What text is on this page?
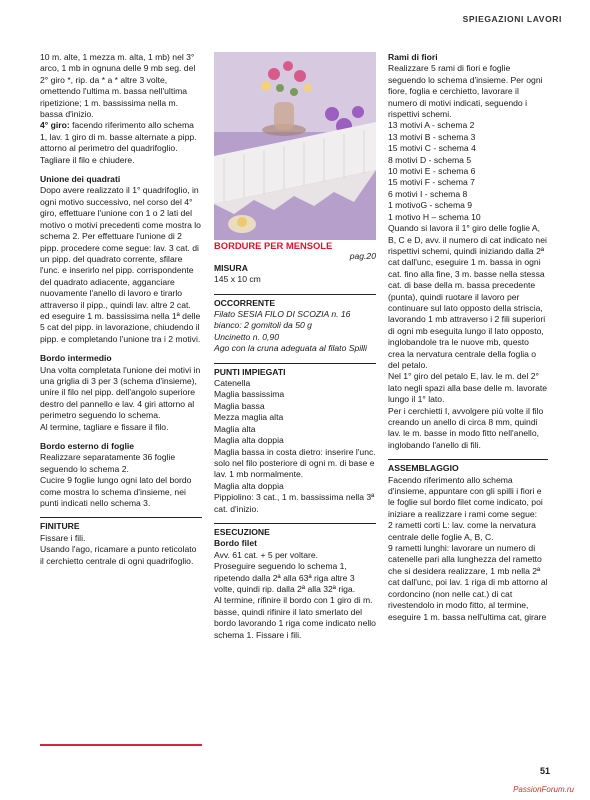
SPIEGAZIONI LAVORI

10 m. alte, 1 mezza m. alta, 1 mb) nel 3° arco, 1 mb in ognuna delle 9 mb seg. del 2° giro *, rip. da * a * altre 3 volte, omettendo l'ultima m. bassa nell'ultima ripetizione; 1 m. bassissima nella m. bassa d'inizio.

4° giro: facendo riferimento allo schema 1, lav. 1 giro di m. basse alternate a pipp. attorno al perimetro del quadrifoglio. Tagliare il filo e chiudere.

Unione dei quadrati

Dopo avere realizzato il 1° quadrifoglio, in ogni motivo successivo, nel corso del 4° giro, effettuare l'unione con 1 o 2 lati del motivo o motivi precedenti come mostra lo schema 2. Per effettuare l'unione di 2 pipp. procedere come segue: lav. 3 cat. di un pipp. del quadrato corrente, sfilare l'unc. e inserirlo nel pipp. corrispondente del quadrato adiacente, agganciare nuovamente l'anello di lavoro e tirarlo attraverso il pipp., quindi lav. altre 2 cat. ed eseguire 1 m. bassissima nella 1ª delle 5 cat del pipp. in lavorazione, chiudendo il pipp. e completando l'unione tra i 2 motivi.

Bordo intermedio

Una volta completata l'unione dei motivi in una griglia di 3 per 3 (schema d'insieme), unire il filo nel pipp. dell'angolo superiore destro del pannello e lav. 4 giri attorno al perimetro seguendo lo schema.

Al termine, tagliare e fissare il filo.

Bordo esterno di foglie

Realizzare separatamente 36 foglie seguendo lo schema 2.

Cucire 9 foglie lungo ogni lato del bordo come mostra lo schema d'insieme, nei punti indicati nello schema 3.

FINITURE

Fissare i fili.

Usando l'ago, ricamare a punto reticolato il cerchietto centrale di ogni quadrifoglio.

BORDURE PER MENSOLE

pag.20

MISURA

145 x 10 cm

OCCORRENTE

Filato SESIA FILO DI SCOZIA n. 16 bianco: 2 gomitoli da 50 g

Uncinetto n. 0,90

Ago con la cruna adeguata al filato Spilli

PUNTI IMPIEGATI

Catenella

Maglia bassissima

Maglia bassa

Mezza maglia alta

Maglia alta

Maglia alta doppia

Maglia bassa in costa dietro: inserire l'unc. solo nel filo posteriore di ogni m. di base e lav. 1 mb normalmente.

Maglia alta doppia

Pippiolino: 3 cat., 1 m. bassissima nella 3ª cat. d'inizio.

ESECUZIONE

Bordo filet

Avv. 61 cat. + 5 per voltare.

Proseguire seguendo lo schema 1, ripetendo dalla 2ª alla 63ª riga altre 3 volte, quindi rip. dalla 2ª alla 32ª riga.

Al termine, rifinire il bordo con 1 giro di m. basse, quindi rifinire il lato smerlato del bordo lavorando 1 riga come indicato nello schema 1. Fissare i fili.

Rami di fiori

Realizzare 5 rami di fiori e foglie seguendo lo schema d'insieme. Per ogni fiore, foglia e cerchietto, lavorare il numero di motivi indicati, seguendo i rispettivi schemi.

13 motivi A - schema 2

13 motivi B - schema 3

15 motivi C - schema 4

8 motivi D - schema 5

10 motivi E - schema 6

15 motivi F - schema 7

6 motivi I - schema 8

1 motivoG - schema 9

1 motivo H – schema 10

Quando si lavora il 1° giro delle foglie A, B, C e D, avv. il numero di cat indicato nei rispettivi schemi, quindi iniziando dalla 2ª cat dall'unc, eseguire 1 m. bassa in ogni cat. fino alla fine, 3 m. basse nella stessa cat. di base della m. bassa precedente (punta), quindi ruotare il lavoro per continuare sul lato opposto della striscia, lavorando 1 mb attraverso i 2 fili superiori di ogni mb eseguita lungo il lato opposto, inglobandole tra le nuove mb, questo crea la nervatura centrale della foglia o del petalo.

Nel 1° giro del petalo E, lav. le m. del 2° lato negli spazi alla base delle m. lavorate lungo il 1° lato.

Per i cerchietti I, avvolgere più volte il filo creando un anello di circa 8 mm, quindi lav. le m. basse in modo fitto nell'anello, inglobando l'anello di fili.

ASSEMBLAGGIO

Facendo riferimento allo schema d'insieme, appuntare con gli spilli i fiori e le foglie sul bordo filet come indicato, poi iniziare a realizzare i rami come segue:

2 rametti corti L: lav. come la nervatura centrale delle foglie A, B, C.

9 rametti lunghi: lavorare un numero di catenelle pari alla lunghezza del rametto che si desidera realizzare, 1 mb nella 2ª cat dall'unc, poi lav. 1 riga di mb attorno al cordoncino (non nelle cat.) di cat rivestendolo in modo fitto, al termine, eseguire 1 m. bassa nell'ultima cat, girare

51
PassionForum.ru
